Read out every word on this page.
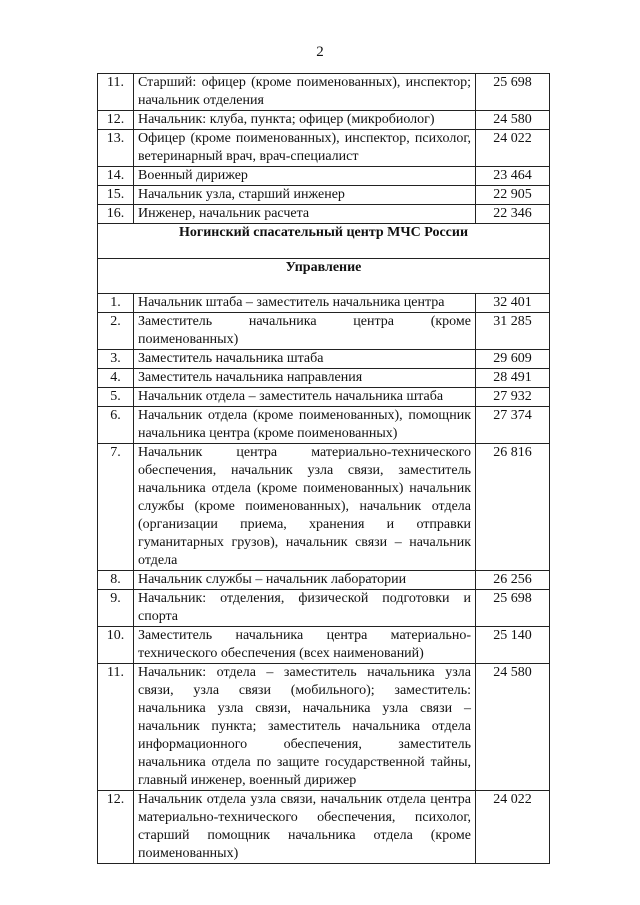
2
11.	Старший: офицер (кроме поименованных), инспектор; начальник отделения	25 698
12.	Начальник: клуба, пункта; офицер (микробиолог)	24 580
13.	Офицер (кроме поименованных), инспектор, психолог, ветеринарный врач, врач-специалист	24 022
14.	Военный дирижер	23 464
15.	Начальник узла, старший инженер	22 905
16.	Инженер, начальник расчета	22 346
Ногинский спасательный центр МЧС России		
Управление		
1.	Начальник штаба – заместитель начальника центра	32 401
2.	Заместитель начальника центра (кроме поименованных)	31 285
3.	Заместитель начальника штаба	29 609
4.	Заместитель начальника направления	28 491
5.	Начальник отдела – заместитель начальника штаба	27 932
6.	Начальник отдела (кроме поименованных), помощник начальника центра (кроме поименованных)	27 374
7.	Начальник центра материально-технического обеспечения, начальник узла связи, заместитель начальника отдела (кроме поименованных) начальник службы (кроме поименованных), начальник отдела (организации приема, хранения и отправки гуманитарных грузов), начальник связи – начальник отдела	26 816
8.	Начальник службы – начальник лаборатории	26 256
9.	Начальник: отделения, физической подготовки и спорта	25 698
10.	Заместитель начальника центра материально-технического обеспечения (всех наименований)	25 140
11.	Начальник: отдела – заместитель начальника узла связи, узла связи (мобильного); заместитель: начальника узла связи, начальника узла связи – начальник пункта; заместитель начальника отдела информационного обеспечения, заместитель начальника отдела по защите государственной тайны, главный инженер, военный дирижер	24 580
12.	Начальник отдела узла связи, начальник отдела центра материально-технического обеспечения, психолог, старший помощник начальника отдела (кроме поименованных)	24 022
